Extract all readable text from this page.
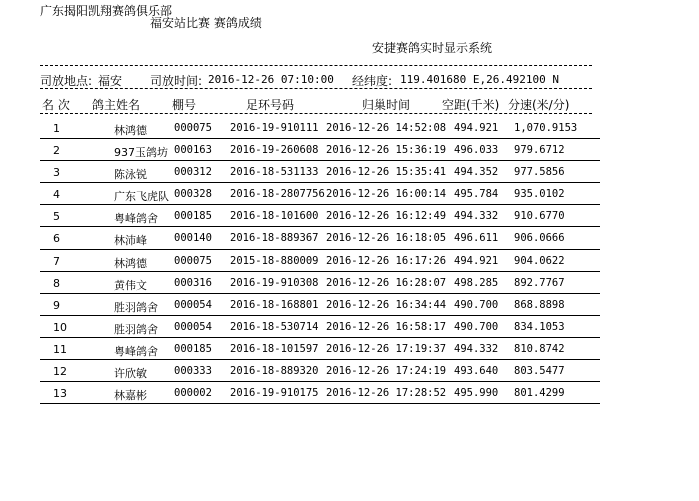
广东揭阳凯翔赛鸽俱乐部
福安站比赛 赛鸽成绩
安捷赛鸽实时显示系统
司放地点: 福安 司放时间: 2016-12-26 07:10:00 经纬度: 119.401680 E,26.492100 N
名 次 鸽主姓名	棚号	足环号码	归巢时间	空距(千米) 分速(米/分)
1	林鸿德	000075 2016-19-910111 2016-12-26 14:52:08 494.921 1,070.9153
2	937玉鸽坊 000163 2016-19-260608 2016-12-26 15:36:19 496.033 979.6712
3	陈泳锐	000312 2016-18-531133 2016-12-26 15:35:41 494.352 977.5856
4	广东飞虎队 000328 2016-18-2807756 2016-12-26 16:00:14 495.784 935.0102
5	粤峰鸽舍 000185 2016-18-101600 2016-12-26 16:12:49 494.332 910.6770
6	林沛峰	000140 2016-18-889367 2016-12-26 16:18:05 496.611 906.0666
7	林鸿德	000075 2015-18-880009 2016-12-26 16:17:26 494.921 904.0622
8	黄伟文	000316 2016-19-910308 2016-12-26 16:28:07 498.285 892.7767
9	胜羽鸽舍 000054 2016-18-168801 2016-12-26 16:34:44 490.700 868.8898
10	胜羽鸽舍 000054 2016-18-530714 2016-12-26 16:58:17 490.700 834.1053
11	粤峰鸽舍 000185 2016-18-101597 2016-12-26 17:19:37 494.332 810.8742
12	许欣敏	000333 2016-18-889320 2016-12-26 17:24:19 493.640 803.5477
13	林嘉彬	000002 2016-19-910175 2016-12-26 17:28:52 495.990 801.4299
